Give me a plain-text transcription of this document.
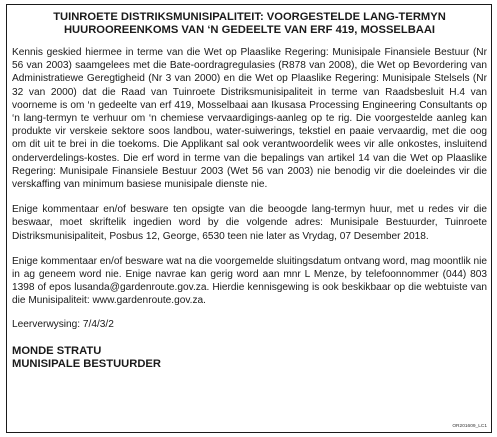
TUINROETE DISTRIKSMUNISIPALITEIT: VOORGESTELDE LANG-TERMYN
HUUROOREENKOMS VAN ‘N GEDEELTE VAN ERF 419, MOSSELBAAI

Kennis geskied hiermee in terme van die Wet op Plaaslike Regering: Munisipale Finansiele Bestuur (Nr 56 van 2003) saamgelees met die Bate-oordragregulasies (R878 van 2008), die Wet op Bevordering van Administratiewe Geregtigheid (Nr 3 van 2000) en die Wet op Plaaslike Regering: Munisipale Stelsels (Nr 32 van 2000) dat die Raad van Tuinroete Distriksmunisipaliteit in terme van Raadsbesluit H.4 van voorneme is om ‘n gedeelte van erf 419, Mosselbaai aan Ikusasa Processing Engineering Consultants op ‘n lang-termyn te verhuur om ‘n chemiese vervaardigings-aanleg op te rig. Die voorgestelde aanleg kan produkte vir verskeie sektore soos landbou, water-suiwerings, tekstiel en paaie vervaardig, met die oog om dit uit te brei in die toekoms. Die Applikant sal ook verantwoordelik wees vir alle onkostes, insluitend onderverdelings-kostes. Die erf word in terme van die bepalings van artikel 14 van die Wet op Plaaslike Regering: Munisipale Finansiele Bestuur 2003 (Wet 56 van 2003) nie benodig vir die doeleindes vir die verskaffing van minimum basiese munisipale dienste nie.

Enige kommentaar en/of besware ten opsigte van die beoogde lang-termyn huur, met u redes vir die beswaar, moet skriftelik ingedien word by die volgende adres: Munisipale Bestuurder, Tuinroete Distriksmunisipaliteit, Posbus 12, George, 6530 teen nie later as Vrydag, 07 Desember 2018.

Enige kommentaar en/of besware wat na die voorgemelde sluitingsdatum ontvang word, mag moontlik nie in ag geneem word nie. Enige navrae kan gerig word aan mnr L Menze, by telefoonnommer (044) 803 1398 of epos lusanda@gardenroute.gov.za. Hierdie kennisgewing is ook beskikbaar op die webtuiste van die Munisipaliteit: www.gardenroute.gov.za.

Leerverwysing: 7/4/3/2

MONDE STRATU
MUNISIPALE BESTUURDER
OR201609_LC1
